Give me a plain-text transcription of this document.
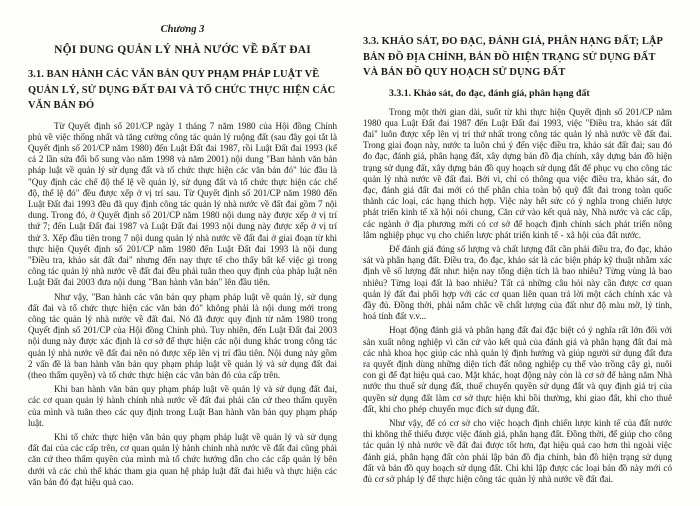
Chương 3
NỘI DUNG QUẢN LÝ NHÀ NƯỚC VỀ ĐẤT ĐAI
3.1. BAN HÀNH CÁC VĂN BẢN QUY PHẠM PHÁP LUẬT VỀ QUẢN LÝ, SỬ DỤNG ĐẤT ĐAI VÀ TỔ CHỨC THỰC HIỆN CÁC VĂN BẢN ĐÓ

Từ Quyết định số 201/CP ngày 1 tháng 7 năm 1980 của Hội đồng Chính phủ về việc thống nhất và tăng cường công tác quản lý ruộng đất (sau đây gọi tắt là Quyết định số 201/CP năm 1980) đến Luật Đất đai 1987, rồi Luật Đất đai 1993 (kể cả 2 lần sửa đổi bổ sung vào năm 1998 và năm 2001) nội dung "Ban hành văn bản pháp luật về quản lý sử dụng đất và tổ chức thực hiện các văn bản đó" lúc đầu là "Quy định các chế độ thể lệ về quản lý, sử dụng đất và tổ chức thực hiện các chế độ, thể lệ đó" đều được xếp ở vị trí sau. Từ Quyết định số 201/CP năm 1980 đến Luật Đất đai 1993 đều đã quy định công tác quản lý nhà nước về đất đai gồm 7 nội dung. Trong đó, ở Quyết định số 201/CP năm 1980 nội dung này được xếp ở vị trí thứ 7; đến Luật Đất đai 1987 và Luật Đất đai 1993 nội dung này được xếp ở vị trí thứ 3. Xếp đầu tiên trong 7 nội dung quản lý nhà nước về đất đai ở giai đoạn từ khi thực hiện Quyết định số 201/CP năm 1980 đến Luật Đất đai 1993 là nội dung "Điều tra, khảo sát đất đai" nhưng đến nay thực tế cho thấy bất kể việc gì trong công tác quản lý nhà nước về đất đai đều phải tuân theo quy định của pháp luật nên Luật Đất đai 2003 đưa nội dung "Ban hành văn bản" lên đầu tiên.

Như vậy, "Ban hành các văn bản quy phạm pháp luật về quản lý, sử dụng đất đai và tổ chức thực hiện các văn bản đó" không phải là nội dung mới trong công tác quản lý nhà nước về đất đai. Nó đã được quy định từ năm 1980 trong Quyết định số 201/CP của Hội đồng Chính phủ. Tuy nhiên, đến Luật Đất đai 2003 nội dung này được xác định là cơ sở để thực hiện các nội dung khác trong công tác quản lý nhà nước về đất đai nên nó được xếp lên vị trí đầu tiên. Nội dung này gồm 2 vấn đề là ban hành văn bản quy phạm pháp luật về quản lý và sử dụng đất đai (theo thẩm quyền) và tổ chức thực hiện các văn bản đó của cấp trên.

Khi ban hành văn bản quy phạm pháp luật về quản lý và sử dụng đất đai, các cơ quan quản lý hành chính nhà nước về đất đai phải căn cứ theo thẩm quyền của mình và tuân theo các quy định trong Luật Ban hành văn bản quy phạm pháp luật.

Khi tổ chức thực hiện văn bản quy phạm pháp luật về quản lý và sử dụng đất đai của các cấp trên, cơ quan quản lý hành chính nhà nước về đất đai cũng phải căn cứ theo thẩm quyền của mình mà tổ chức hướng dẫn cho các cấp quản lý bên dưới và các chủ thể khác tham gia quan hệ pháp luật đất đai hiểu và thực hiện các văn bản đó đạt hiệu quả cao.

3.3. KHẢO SÁT, ĐO ĐẠC, ĐÁNH GIÁ, PHÂN HẠNG ĐẤT; LẬP BẢN ĐỒ ĐỊA CHÍNH, BẢN ĐỒ HIỆN TRẠNG SỬ DỤNG ĐẤT VÀ BẢN ĐỒ QUY HOẠCH SỬ DỤNG ĐẤT
3.3.1. Khảo sát, đo đạc, đánh giá, phân hạng đất

Trong một thời gian dài, suốt từ khi thực hiện Quyết định số 201/CP năm 1980 qua Luật Đất đai 1987 đến Luật Đất đai 1993, việc "Điều tra, khảo sát đất đai" luôn được xếp lên vị trí thứ nhất trong công tác quản lý nhà nước về đất đai. Trong giai đoạn này, nước ta luôn chú ý đến việc điều tra, khảo sát đất đai; sau đó đo đạc, đánh giá, phân hạng đất, xây dựng bản đồ địa chính, xây dựng bản đồ hiện trạng sử dụng đất, xây dựng bản đồ quy hoạch sử dụng đất để phục vụ cho công tác quản lý nhà nước về đất đai. Bởi vì, chỉ có thông qua việc điều tra, khảo sát, đo đạc, đánh giá đất đai mới có thể phân chia toàn bộ quỹ đất đai trong toàn quốc thành các loại, các hạng thích hợp. Việc này hết sức có ý nghĩa trong chiến lược phát triển kinh tế xã hội nói chung, Căn cứ vào kết quả này, Nhà nước và các cấp, các ngành ở địa phương mới có cơ sở để hoạch định chính sách phát triển nông lâm nghiệp phục vụ cho chiến lược phát triển kinh tế - xã hội của đất nước.

Để đánh giá đúng số lượng và chất lượng đất cần phải điều tra, đo đạc, khảo sát và phân hạng đất. Điều tra, đo đạc, khảo sát là các biện pháp kỹ thuật nhằm xác định về số lượng đất như: hiện nay tổng diện tích là bao nhiêu? Từng vùng là bao nhiêu? Từng loại đất là bao nhiêu? Tất cả những câu hỏi này cần được cơ quan quản lý đất đai phối hợp với các cơ quan liên quan trả lời một cách chính xác và đầy đủ. Đồng thời, phải nắm chắc về chất lượng của đất như độ màu mỡ, lý tính, hoá tính đất v.v...

Hoạt động đánh giá và phân hạng đất đai đặc biệt có ý nghĩa rất lớn đối với sản xuất nông nghiệp vì căn cứ vào kết quả của đánh giá và phân hạng đất đai mà các nhà khoa học giúp các nhà quản lý định hướng và giúp người sử dụng đất đưa ra quyết định dùng những diện tích đất nông nghiệp cụ thể vào trồng cây gì, nuôi con gì để đạt hiệu quả cao. Mặt khác, hoạt động này còn là cơ sở để hàng năm Nhà nước thu thuế sử dụng đất, thuế chuyển quyền sử dụng đất và quy định giá trị của quyền sử dụng đất làm cơ sở thực hiện khi bồi thường, khi giao đất, khi cho thuê đất, khi cho phép chuyển mục đích sử dụng đất.

Như vậy, để có cơ sở cho việc hoạch định chiến lược kinh tế của đất nước thì không thể thiếu được việc đánh giá, phân hạng đất. Đồng thời, để giúp cho công tác quản lý nhà nước về đất đai được tốt hơn, đạt hiệu quả cao hơn thì ngoài việc đánh giá, phân hạng đất còn phải lập bản đồ địa chính, bản đồ hiện trạng sử dụng đất và bản đồ quy hoạch sử dụng đất. Chỉ khi lập được các loại bản đồ này mới có đủ cơ sở pháp lý để thực hiện công tác quản lý nhà nước về đất đai.
